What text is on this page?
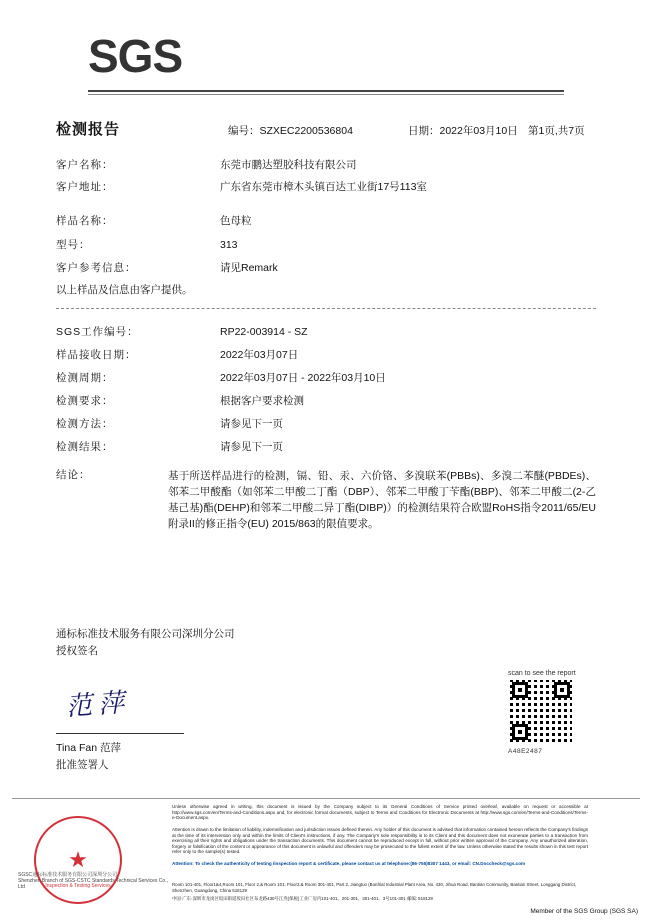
SGS
检测报告	编号：SZXEC2200536804	日期：2022年03月10日 第1页,共7页
客户名称：	东莞市鹏达塑胶科技有限公司
客户地址：	广东省东莞市樟木头镇百达工业街17号113室
样品名称：	色母粒
型号：	313
客户参考信息：	请见Remark
以上样品及信息由客户提供。
SGS工作编号：	RP22-003914 - SZ
样品接收日期：	2022年03月07日
检测周期：	2022年03月07日 - 2022年03月10日
检测要求：	根据客户要求检测
检测方法：	请参见下一页
检测结果：	请参见下一页
结论：	基于所送样品进行的检测，镉、铅、汞、六价铬、多溴联苯(PBBs)、多溴二苯醚(PBDEs)、邻苯二甲酸酯（如邻苯二甲酸二丁酯（DBP）、邻苯二甲酸丁苄酯(BBP)、邻苯二甲酸二(2-乙基己基)酯(DEHP)和邻苯二甲酸二异丁酯(DIBP)）的检测结果符合欧盟RoHS指令2011/65/EU附录II的修正指令(EU) 2015/863的限值要求。
通标标准技术服务有限公司深圳分公司
授权签名
范萍
Tina Fan 范萍
批准签署人
scan to see the report
A48E2487
Unless otherwise agreed in writing, this document is issued by the Company subject to its General Conditions of Service printed overleaf, available on request or accessible at http://www.sgs.com/en/Terms-and-Conditions.aspx and, for electronic format documents, subject to Terms and Conditions for Electronic Documents at http://www.sgs.com/en/Terms-and-Conditions/Terms-e-Document.aspx.
Attention is drawn to the limitation of liability, indemnification and jurisdiction issues defined therein. Any holder of this document is advised that information contained hereon reflects the Company's findings at the time of its intervention only and within the limits of Client's instructions, if any. The Company's sole responsibility is to its Client and this document does not exonerate parties to a transaction from exercising all their rights and obligations under the transaction documents. This document cannot be reproduced except in full, without prior written approval of the Company. Any unauthorized alteration, forgery or falsification of the content or appearance of this document is unlawful and offenders may be prosecuted to the fullest extent of the law. Unless otherwise stated the results shown in this test report refer only to the sample(s) tested.
Attention: To check the authenticity of testing /inspection report & certificate, please contact us at telephone:(86-755)8307 1443, or email: CN.Doccheck@sgs.com
Room 101-401, Floor1&4,Room 101, Floor 2,& Room 101, Floor3,& Room 301-401, Part 2, Jiangtuo (Bonfrial Industrial Plant Area, No. 430, Jihua Road, Bantian Community, Bantian Street, Longgang District, Shenzhen, Guangdong, China 518129
中国·广东·深圳市龙岗区坂田街道坂田社区布龙路430号江焘(保税)工业厂房内101-401、201-301、301-401、3号101-301 邮编: 518129
Member of the SGS Group (SGS SA)
★
Inspection & Testing Services
SGSC通标标准技术服务有限公司深圳分公司
Shenzhen Branch of SGS-CSTC Standards Technical Services Co., Ltd
